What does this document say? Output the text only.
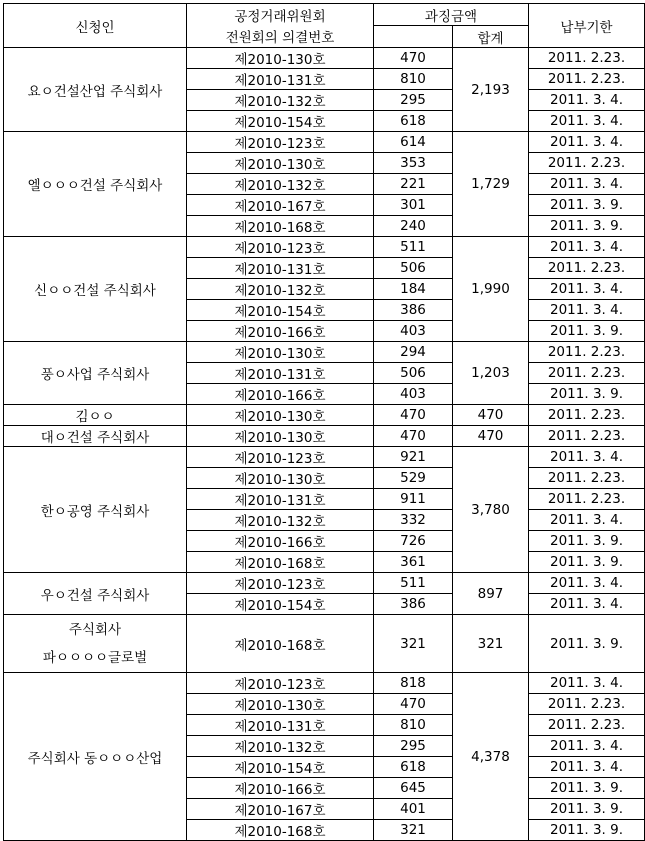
신청인	공정거래위원회	과징금액		납부기한
	전원회의 의결번호		합계	

요ㅇ건설산업 주식회사	제2010-130호	470	2,193	2011. 2.23.
	제2010-131호	810		2011. 2.23.
	제2010-132호	295		2011. 3. 4.
	제2010-154호	618		2011. 3. 4.

엘ㅇㅇㅇ건설 주식회사	제2010-123호	614	1,729	2011. 3. 4.
	제2010-130호	353		2011. 2.23.
	제2010-132호	221		2011. 3. 4.
	제2010-167호	301		2011. 3. 9.
	제2010-168호	240		2011. 3. 9.

신ㅇㅇ건설 주식회사	제2010-123호	511	1,990	2011. 3. 4.
	제2010-131호	506		2011. 2.23.
	제2010-132호	184		2011. 3. 4.
	제2010-154호	386		2011. 3. 4.
	제2010-166호	403		2011. 3. 9.

풍ㅇ사업 주식회사	제2010-130호	294	1,203	2011. 2.23.
	제2010-131호	506		2011. 2.23.
	제2010-166호	403		2011. 3. 9.

김ㅇㅇ	제2010-130호	470	470	2011. 2.23.

대ㅇ건설 주식회사	제2010-130호	470	470	2011. 2.23.

한ㅇ공영 주식회사	제2010-123호	921	3,780	2011. 3. 4.
	제2010-130호	529		2011. 2.23.
	제2010-131호	911		2011. 2.23.
	제2010-132호	332		2011. 3. 4.
	제2010-166호	726		2011. 3. 9.
	제2010-168호	361		2011. 3. 9.

우ㅇ건설 주식회사	제2010-123호	511	897	2011. 3. 4.
	제2010-154호	386		2011. 3. 4.

주식회사
파ㅇㅇㅇㅇ글로벌	제2010-168호	321	321	2011. 3. 9.

주식회사 동ㅇㅇㅇ산업	제2010-123호	818	4,378	2011. 3. 4.
	제2010-130호	470		2011. 2.23.
	제2010-131호	810		2011. 2.23.
	제2010-132호	295		2011. 3. 4.
	제2010-154호	618		2011. 3. 4.
	제2010-166호	645		2011. 3. 9.
	제2010-167호	401		2011. 3. 9.
	제2010-168호	321		2011. 3. 9.
